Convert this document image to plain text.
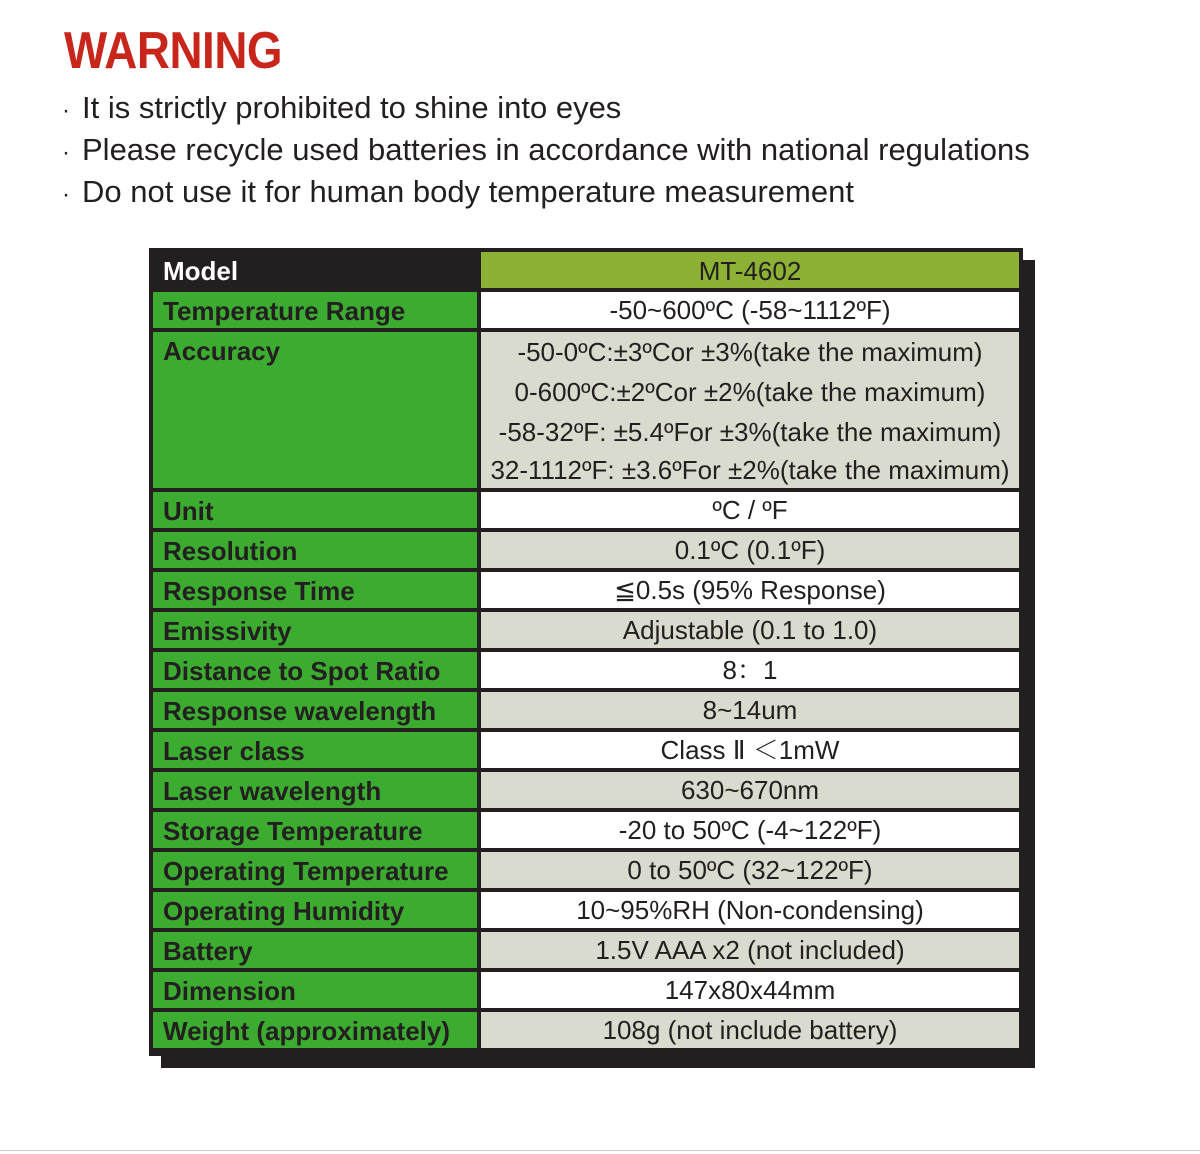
WARNING
· It is strictly prohibited to shine into eyes
· Please recycle used batteries in accordance with national regulations
· Do not use it for human body temperature measurement
Model	MT-4602
Temperature Range	-50~600ºC (-58~1112ºF)
Accuracy	-50-0ºC:±3ºCor ±3%(take the maximum)
0-600ºC:±2ºCor ±2%(take the maximum)
-58-32ºF: ±5.4ºFor ±3%(take the maximum)
32-1112ºF: ±3.6ºFor ±2%(take the maximum)
Unit	ºC / ºF
Resolution	0.1ºC (0.1ºF)
Response Time	≦0.5s (95% Response)
Emissivity	Adjustable (0.1 to 1.0)
Distance to Spot Ratio	8：1
Response wavelength	8~14um
Laser class	Class Ⅱ ＜1mW
Laser wavelength	630~670nm
Storage Temperature	-20 to 50ºC (-4~122ºF)
Operating Temperature	0 to 50ºC (32~122ºF)
Operating Humidity	10~95%RH (Non-condensing)
Battery	1.5V AAA x2 (not included)
Dimension	147x80x44mm
Weight (approximately)	108g (not include battery)
